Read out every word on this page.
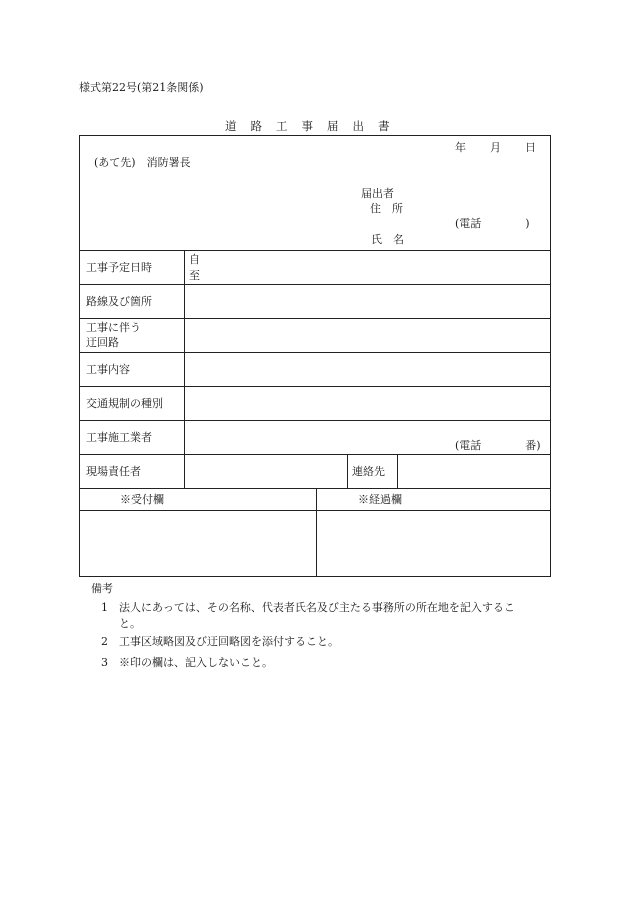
様式第22号(第21条関係)
道路工事届出書
年 月 日
(あて先)　消防署長
届出者
住　所
(電話　　　　)
氏　名
工事予定日時
自
至
路線及び箇所
工事に伴う
迂回路
工事内容
交通規制の種別
工事施工業者
(電話　　　　番)
現場責任者	連絡先
※受付欄	※経過欄
備考
1 法人にあっては、その名称、代表者氏名及び主たる事務所の所在地を記入するこ
と。
2 工事区域略図及び迂回略図を添付すること。
3 ※印の欄は、記入しないこと。
